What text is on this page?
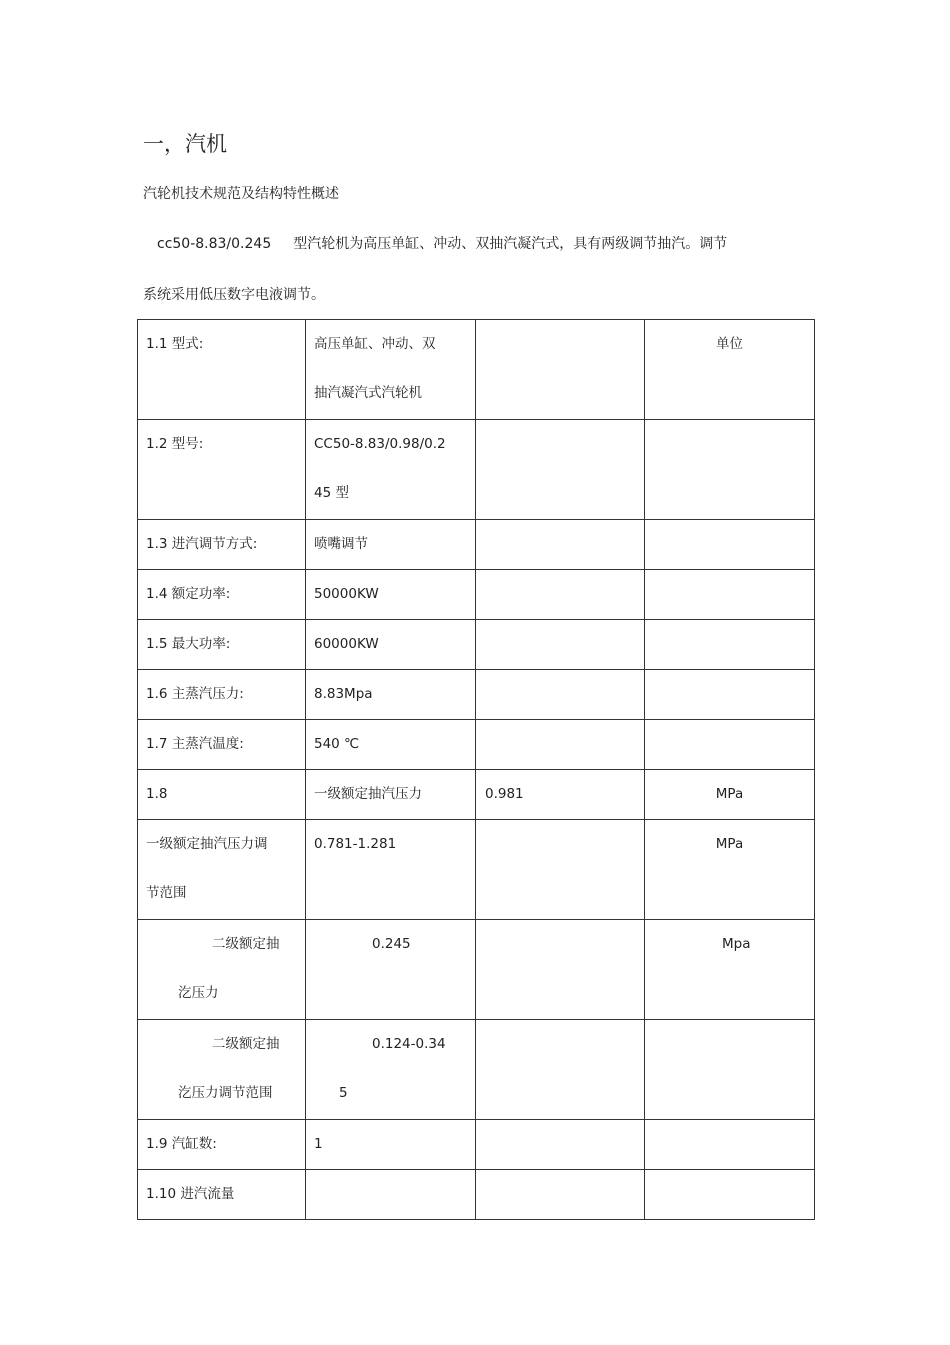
一，汽机
汽轮机技术规范及结构特性概述
cc50-8.83/0.245 型汽轮机为高压单缸、冲动、双抽汽凝汽式，具有两级调节抽汽。调节
系统采用低压数字电液调节。
1.1 型式:	高压单缸、冲动、双
抽汽凝汽式汽轮机		单位

1.2 型号:	CC50-8.83/0.98/0.2
45 型		

1.3 进汽调节方式:	喷嘴调节		

1.4 额定功率:	50000KW		

1.5 最大功率:	60000KW		

1.6 主蒸汽压力:	8.83Mpa		

1.7 主蒸汽温度:	540 ℃		

1.8	一级额定抽汽压力	0.981	MPa

一级额定抽汽压力调
节范围	0.781-1.281		MPa

二级额定抽
汔压力	0.245		Mpa

二级额定抽
汔压力调节范围	0.124-0.34
5		

1.9 汽缸数:	1		

1.10 进汽流量			
